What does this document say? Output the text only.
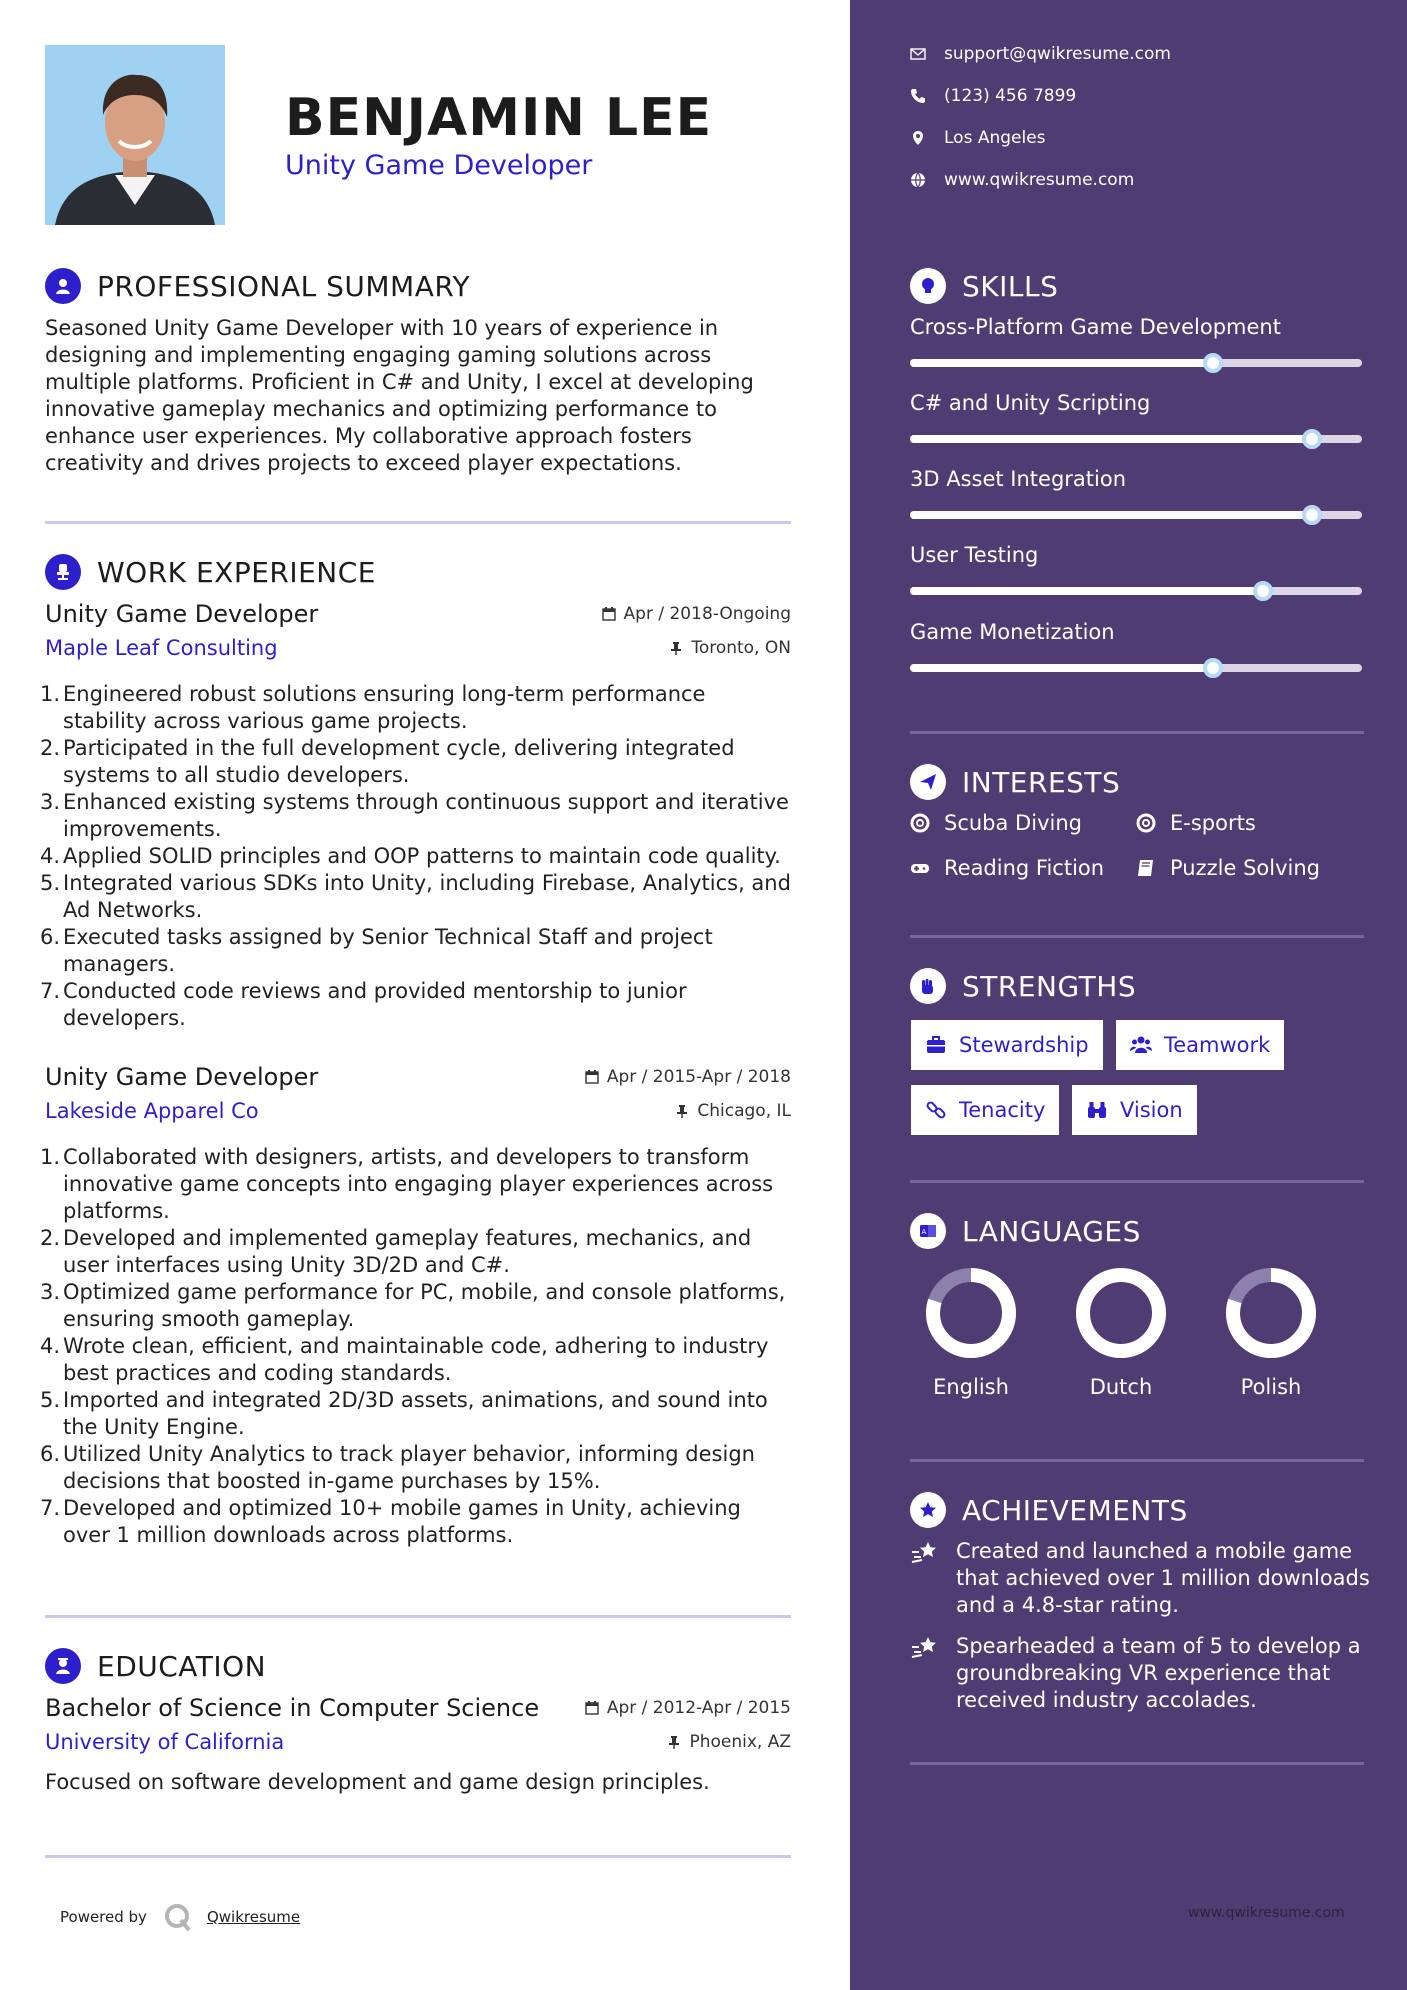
BENJAMIN LEE
Unity Game Developer
PROFESSIONAL SUMMARY
Seasoned Unity Game Developer with 10 years of experience in designing and implementing engaging gaming solutions across multiple platforms. Proficient in C# and Unity, I excel at developing innovative gameplay mechanics and optimizing performance to enhance user experiences. My collaborative approach fosters creativity and drives projects to exceed player expectations.
WORK EXPERIENCE
Unity Game Developer	Apr / 2018-Ongoing
Maple Leaf Consulting	Toronto, ON
1. Engineered robust solutions ensuring long-term performance stability across various game projects.
2. Participated in the full development cycle, delivering integrated systems to all studio developers.
3. Enhanced existing systems through continuous support and iterative improvements.
4. Applied SOLID principles and OOP patterns to maintain code quality.
5. Integrated various SDKs into Unity, including Firebase, Analytics, and Ad Networks.
6. Executed tasks assigned by Senior Technical Staff and project managers.
7. Conducted code reviews and provided mentorship to junior developers.
Unity Game Developer	Apr / 2015-Apr / 2018
Lakeside Apparel Co	Chicago, IL
1. Collaborated with designers, artists, and developers to transform innovative game concepts into engaging player experiences across platforms.
2. Developed and implemented gameplay features, mechanics, and user interfaces using Unity 3D/2D and C#.
3. Optimized game performance for PC, mobile, and console platforms, ensuring smooth gameplay.
4. Wrote clean, efficient, and maintainable code, adhering to industry best practices and coding standards.
5. Imported and integrated 2D/3D assets, animations, and sound into the Unity Engine.
6. Utilized Unity Analytics to track player behavior, informing design decisions that boosted in-game purchases by 15%.
7. Developed and optimized 10+ mobile games in Unity, achieving over 1 million downloads across platforms.
EDUCATION
Bachelor of Science in Computer Science	Apr / 2012-Apr / 2015
University of California	Phoenix, AZ
Focused on software development and game design principles.
Powered by	Qwikresume
support@qwikresume.com
(123) 456 7899
Los Angeles
www.qwikresume.com
SKILLS
Cross-Platform Game Development
C# and Unity Scripting
3D Asset Integration
User Testing
Game Monetization
INTERESTS
Scuba Diving	E-sports
Reading Fiction	Puzzle Solving
STRENGTHS
Stewardship	Teamwork
Tenacity	Vision
A LANGUAGES
English	Dutch	Polish
ACHIEVEMENTS
Created and launched a mobile game that achieved over 1 million downloads and a 4.8-star rating.
Spearheaded a team of 5 to develop a groundbreaking VR experience that received industry accolades.
www.qwikresume.com
